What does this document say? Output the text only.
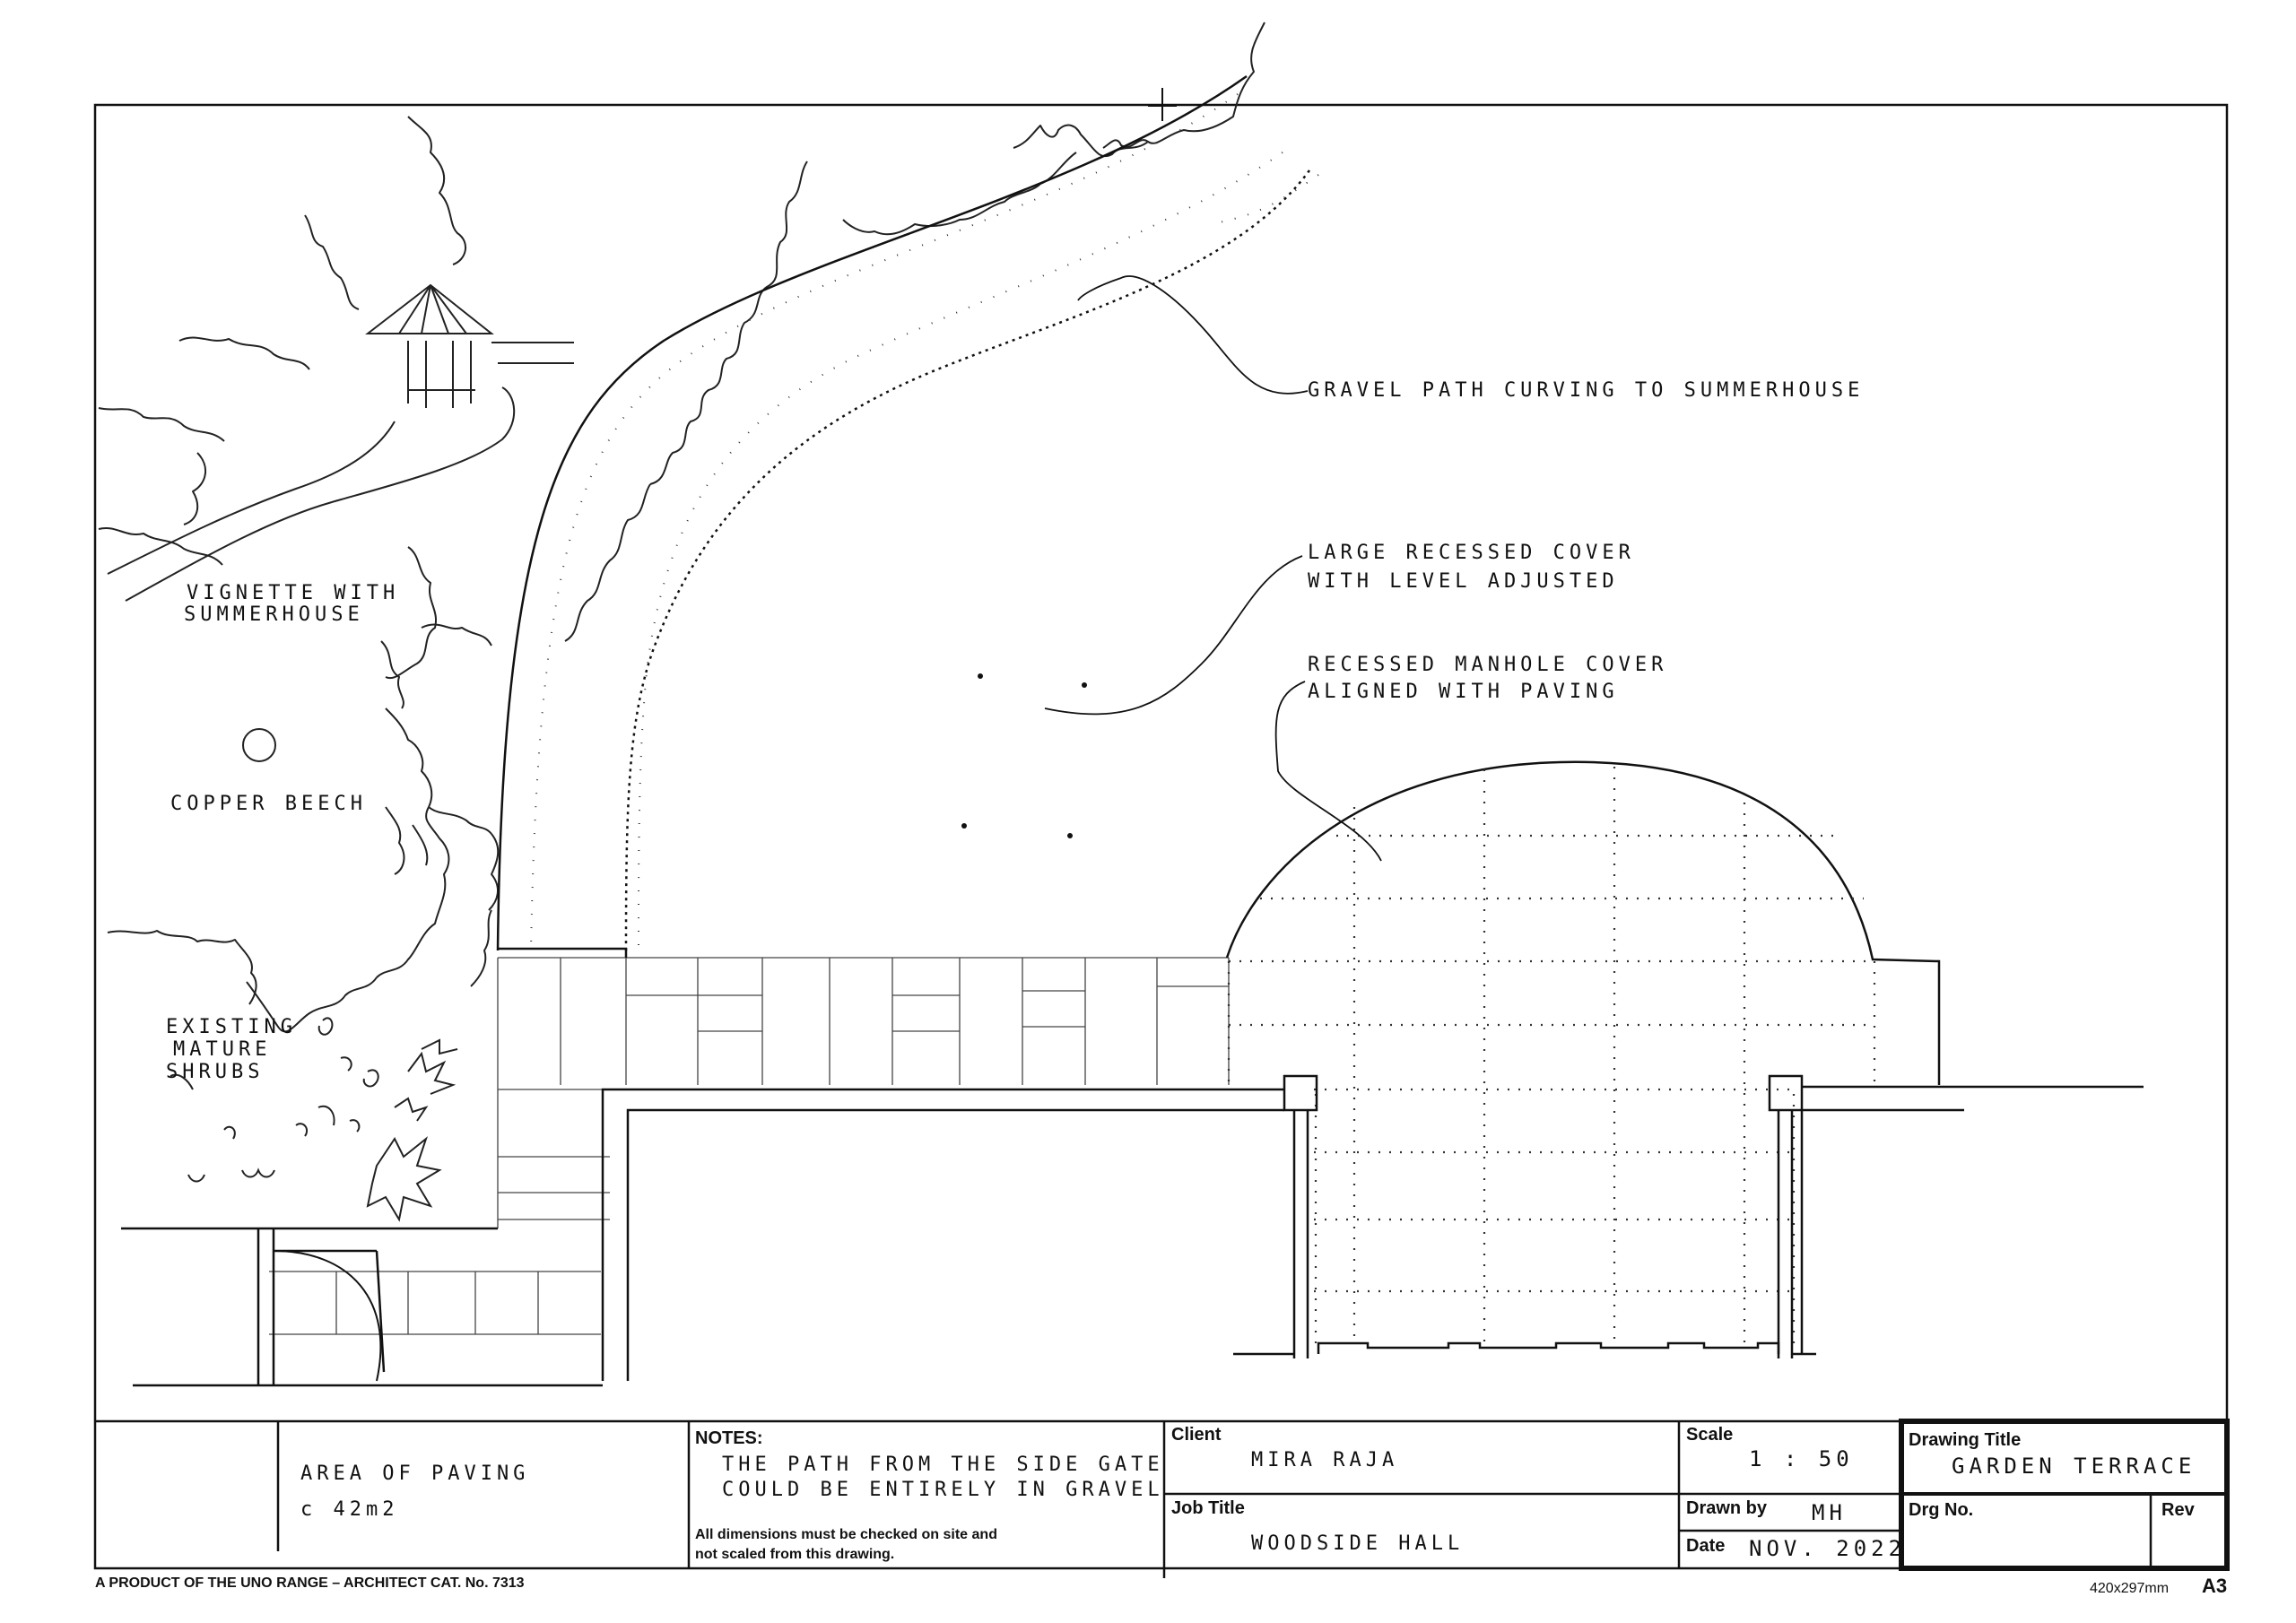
GRAVEL PATH CURVING TO SUMMERHOUSE
LARGE RECESSED COVER
WITH LEVEL ADJUSTED
RECESSED MANHOLE COVER
ALIGNED WITH PAVING
VIGNETTE WITH
SUMMERHOUSE
COPPER BEECH
EXISTING
MATURE
SHRUBS
AREA OF PAVING
c 42m2
NOTES:
THE PATH FROM THE SIDE GATE
COULD BE ENTIRELY IN GRAVEL
All dimensions must be checked on site and
not scaled from this drawing.
Client
MIRA RAJA
Job Title
WOODSIDE HALL
Scale
1 : 50
Drawn by MH
Date NOV. 2022
Drawing Title
GARDEN TERRACE
Drg No.	Rev
A PRODUCT OF THE UNO RANGE – ARCHITECT CAT. No. 7313	420x297mm A3
